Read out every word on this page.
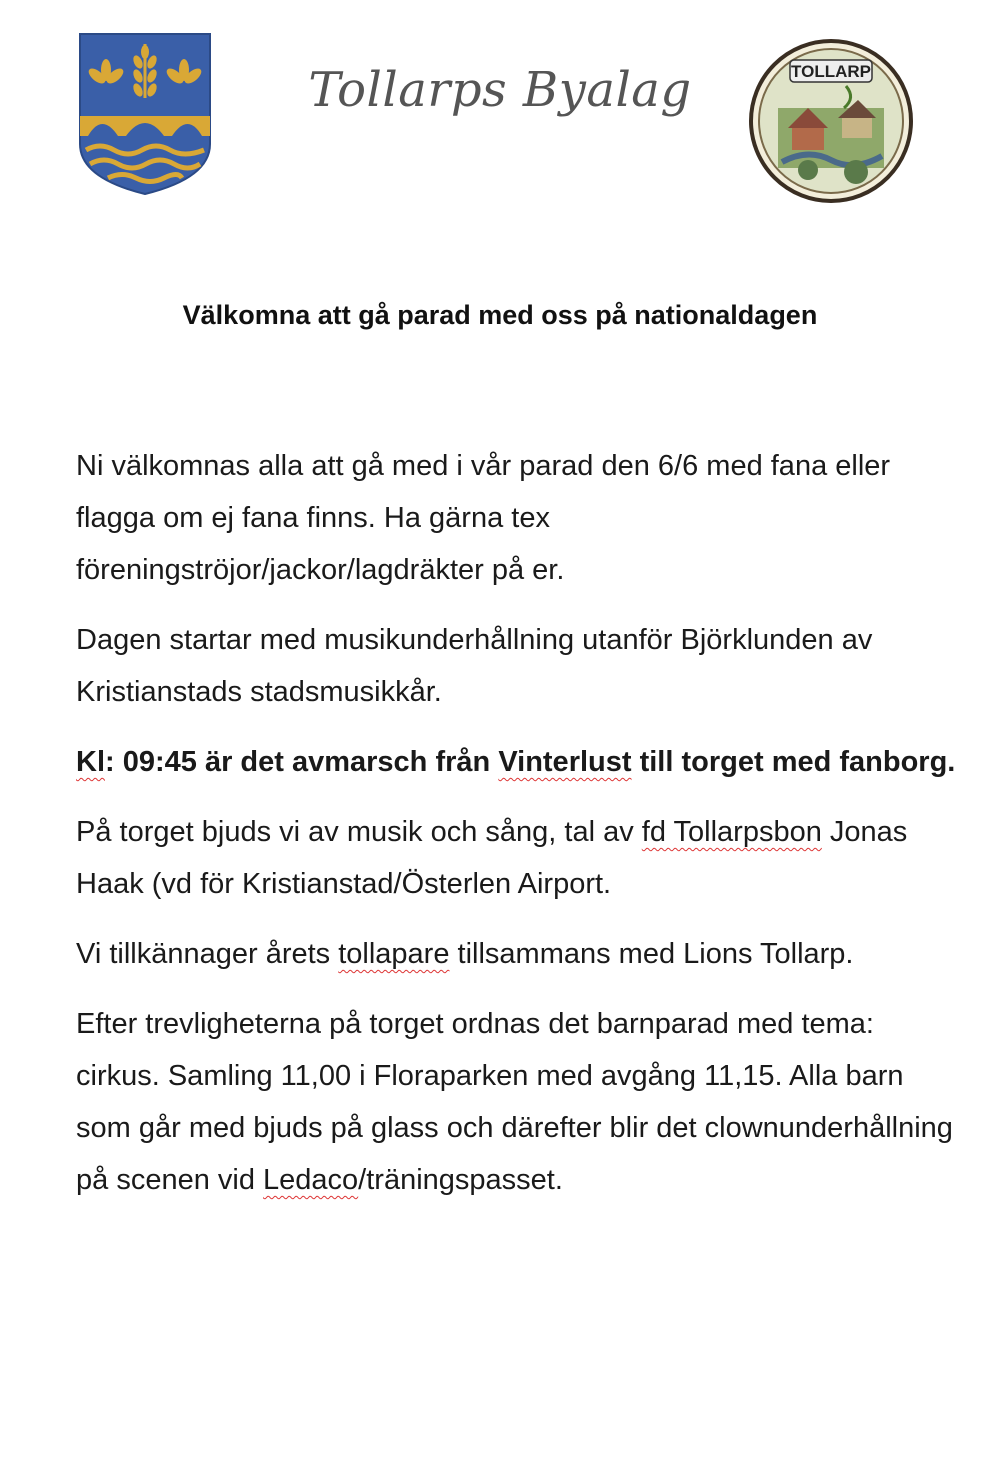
Tollarps Byalag	TOLLARP
Välkomna att gå parad med oss på nationaldagen

Ni välkomnas alla att gå med i vår parad den 6/6 med fana eller flagga om ej fana finns. Ha gärna tex föreningströjor/jackor/lagdräkter på er.

Dagen startar med musikunderhållning utanför Björklunden av Kristianstads stadsmusikkår.

Kl: 09:45 är det avmarsch från Vinterlust till torget med fanborg.

På torget bjuds vi av musik och sång, tal av fd Tollarpsbon Jonas Haak (vd för Kristianstad/Österlen Airport.

Vi tillkännager årets tollapare tillsammans med Lions Tollarp.

Efter trevligheterna på torget ordnas det barnparad med tema: cirkus. Samling 11,00 i Floraparken med avgång 11,15. Alla barn som går med bjuds på glass och därefter blir det clownunderhållning på scenen vid Ledaco/träningspasset.
